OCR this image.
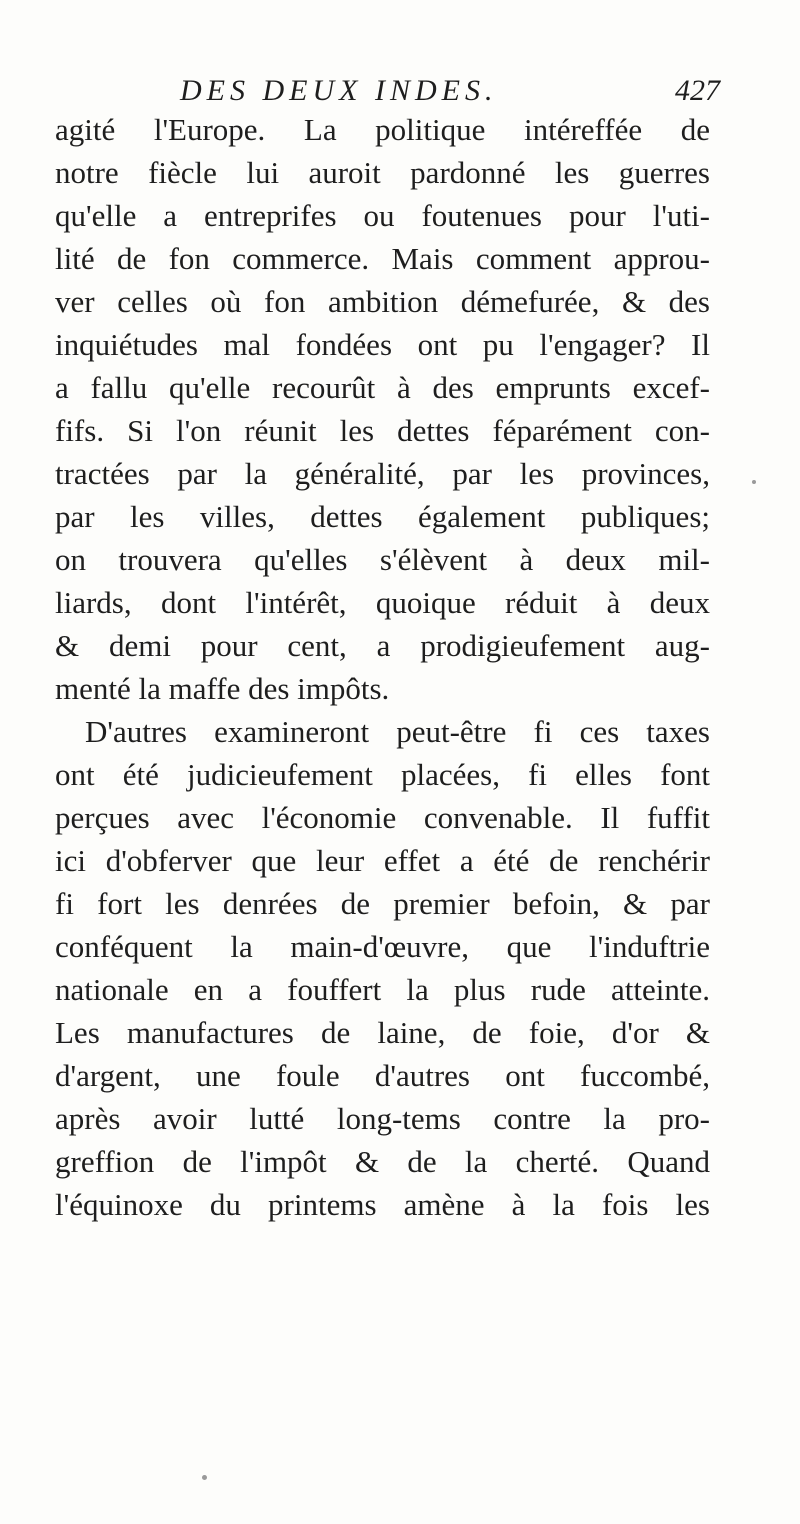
DES DEUX INDES.	427
agité l'Europe. La politique intéreffée de
notre fiècle lui auroit pardonné les guerres
qu'elle a entreprifes ou foutenues pour l'uti-
lité de fon commerce. Mais comment approu-
ver celles où fon ambition démefurée, & des
inquiétudes mal fondées ont pu l'engager? Il
a fallu qu'elle recourût à des emprunts excef-
fifs. Si l'on réunit les dettes féparément con-
tractées par la généralité, par les provinces,
par les villes, dettes également publiques;
on trouvera qu'elles s'élèvent à deux mil-
liards, dont l'intérêt, quoique réduit à deux
& demi pour cent, a prodigieufement aug-
menté la maffe des impôts.
D'autres examineront peut-être fi ces taxes
ont été judicieufement placées, fi elles font
perçues avec l'économie convenable. Il fuffit
ici d'obferver que leur effet a été de renchérir
fi fort les denrées de premier befoin, & par
conféquent la main-d'œuvre, que l'induftrie
nationale en a fouffert la plus rude atteinte.
Les manufactures de laine, de foie, d'or &
d'argent, une foule d'autres ont fuccombé,
après avoir lutté long-tems contre la pro-
greffion de l'impôt & de la cherté. Quand
l'équinoxe du printems amène à la fois les
